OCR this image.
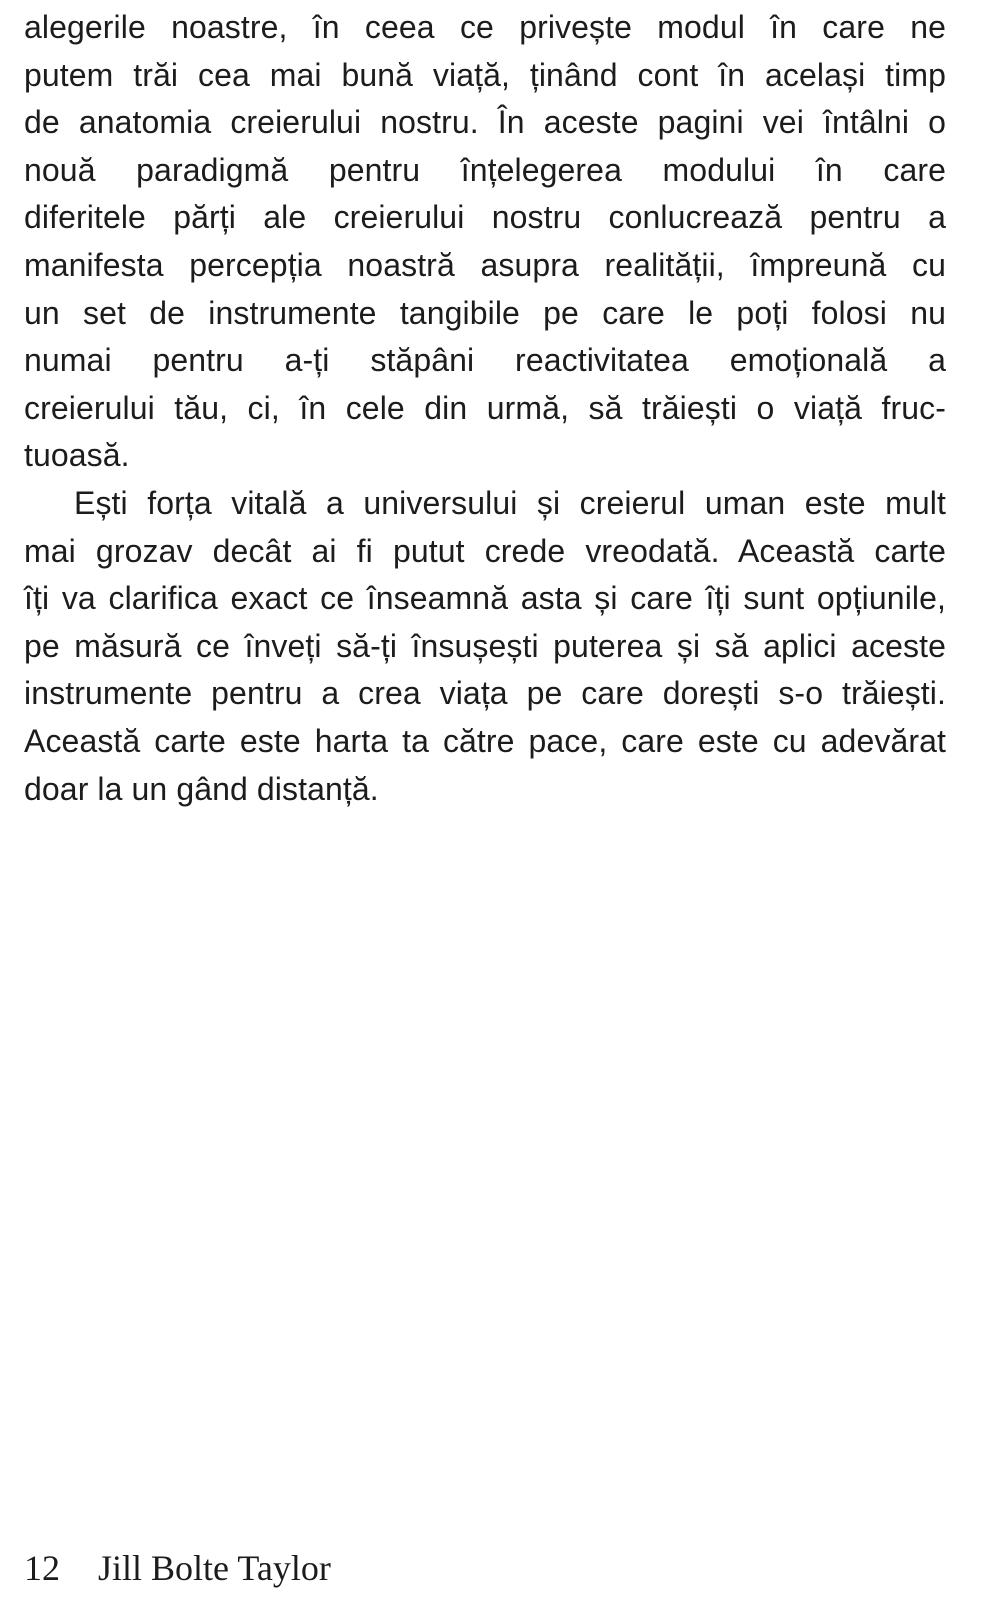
alegerile noastre, în ceea ce privește modul în care ne
putem trăi cea mai bună viață, ținând cont în același timp
de anatomia creierului nostru. În aceste pagini vei întâlni o
nouă paradigmă pentru înțelegerea modului în care
diferitele părți ale creierului nostru conlucrează pentru a
manifesta percepția noastră asupra realității, împreună cu
un set de instrumente tangibile pe care le poți folosi nu
numai pentru a-ți stăpâni reactivitatea emoțională a
creierului tău, ci, în cele din urmă, să trăiești o viață fruc-
tuoasă.
Ești forța vitală a universului și creierul uman este mult
mai grozav decât ai fi putut crede vreodată. Această carte
îți va clarifica exact ce înseamnă asta și care îți sunt opțiunile,
pe măsură ce înveți să-ți însușești puterea și să aplici aceste
instrumente pentru a crea viața pe care dorești s-o trăiești.
Această carte este harta ta către pace, care este cu adevărat
doar la un gând distanță.
12 Jill Bolte Taylor
